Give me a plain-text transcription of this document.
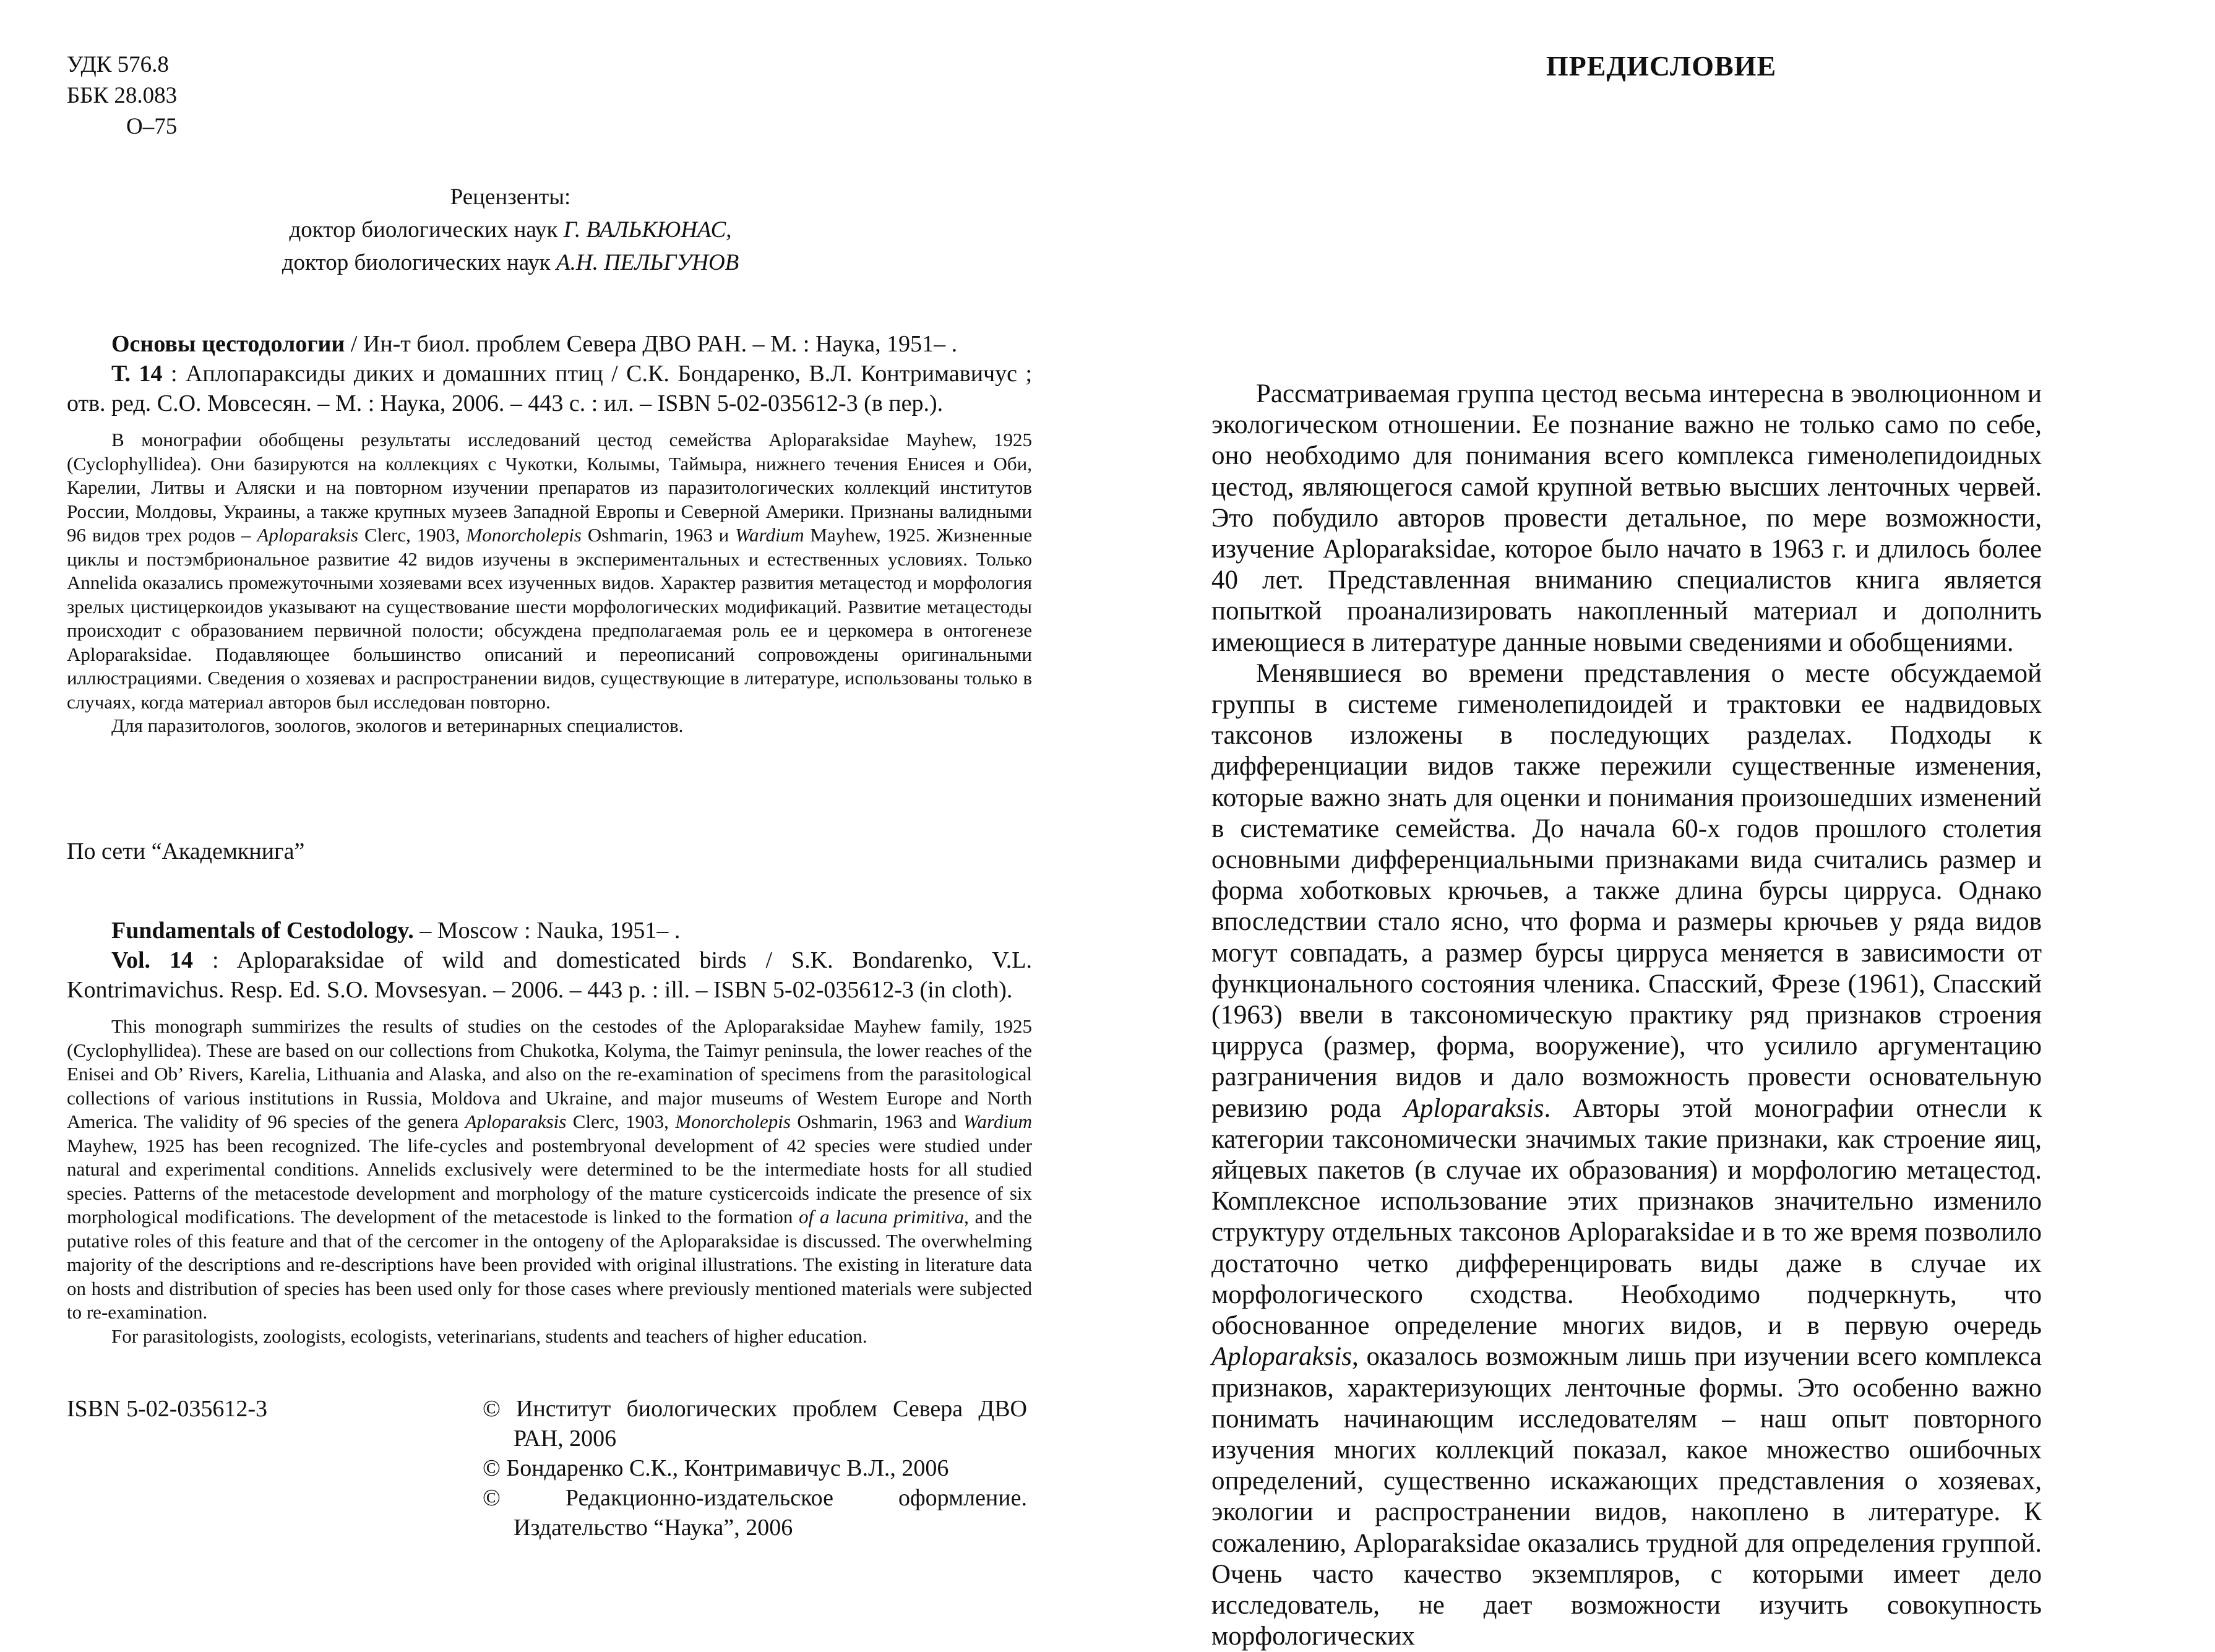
УДК 576.8
ББК 28.083
О–75
Рецензенты:
доктор биологических наук Г. ВАЛЬКЮНАС,
доктор биологических наук А.Н. ПЕЛЬГУНОВ

Основы цестодологии / Ин-т биол. проблем Севера ДВО РАН. – М. : Наука, 1951– .

Т. 14 : Аплопараксиды диких и домашних птиц / С.К. Бондаренко, В.Л. Контримавичус ; отв. ред. С.О. Мовсесян. – М. : Наука, 2006. – 443 с. : ил. – ISBN 5-02-035612-3 (в пер.).

В монографии обобщены результаты исследований цестод семейства Aploparaksidae Mayhew, 1925 (Cyclophyllidea). Они базируются на коллекциях с Чукотки, Колымы, Таймыра, нижнего течения Енисея и Оби, Карелии, Литвы и Аляски и на повторном изучении препаратов из паразитологических коллекций институтов России, Молдовы, Украины, а также крупных музеев Западной Европы и Северной Америки. Признаны валидными 96 видов трех родов – Aploparaksis Clerc, 1903, Monorcholepis Oshmarin, 1963 и Wardium Mayhew, 1925. Жизненные циклы и постэмбриональное развитие 42 видов изучены в экспериментальных и естественных условиях. Только Annelida оказались промежуточными хозяевами всех изученных видов. Характер развития метацестод и морфология зрелых цистицеркоидов указывают на существование шести морфологических модификаций. Развитие метацестоды происходит с образованием первичной полости; обсуждена предполагаемая роль ее и церкомера в онтогенезе Aploparaksidae. Подавляющее большинство описаний и переописаний сопровождены оригинальными иллюстрациями. Сведения о хозяевах и распространении видов, существующие в литературе, использованы только в случаях, когда материал авторов был исследован повторно.

Для паразитологов, зоологов, экологов и ветеринарных специалистов.

По сети “Академкнига”

Fundamentals of Cestodology. – Moscow : Nauka, 1951– .

Vol. 14 : Aploparaksidae of wild and domesticated birds / S.K. Bondarenko, V.L. Kontrimavichus. Resp. Ed. S.O. Movsesyan. – 2006. – 443 p. : ill. – ISBN 5-02-035612-3 (in cloth).

This monograph summirizes the results of studies on the cestodes of the Aploparaksidae Mayhew family, 1925 (Cyclophyllidea). These are based on our collections from Chukotka, Kolyma, the Taimyr peninsula, the lower reaches of the Enisei and Ob’ Rivers, Karelia, Lithuania and Alaska, and also on the re-examination of specimens from the parasitological collections of various institutions in Russia, Moldova and Ukraine, and major museums of Westem Europe and North America. The validity of 96 species of the genera Aploparaksis Clerc, 1903, Monorcholepis Oshmarin, 1963 and Wardium Mayhew, 1925 has been recognized. The life-cycles and postembryonal development of 42 species were studied under natural and experimental conditions. Annelids exclusively were determined to be the intermediate hosts for all studied species. Patterns of the metacestode development and morphology of the mature cysticercoids indicate the presence of six morphological modifications. The development of the metacestode is linked to the formation of a lacuna primitiva, and the putative roles of this feature and that of the cercomer in the ontogeny of the Aploparaksidae is discussed. The overwhelming majority of the descriptions and re-descriptions have been provided with original illustrations. The existing in literature data on hosts and distribution of species has been used only for those cases where previously mentioned materials were subjected to re-examination.

For parasitologists, zoologists, ecologists, veterinarians, students and teachers of higher education.

ISBN 5-02-035612-3	© Институт биологических проблем Севера ДВО РАН, 2006

© Бондаренко С.К., Контримавичус В.Л., 2006

© Редакционно-издательское оформление. Издательство “Наука”, 2006

ПРЕДИСЛОВИЕ

Рассматриваемая группа цестод весьма интересна в эволюционном и экологическом отношении. Ее познание важно не только само по себе, оно необходимо для понимания всего комплекса гименолепидоидных цестод, являющегося самой крупной ветвью высших ленточных червей. Это побудило авторов провести детальное, по мере возможности, изучение Aploparaksidae, которое было начато в 1963 г. и длилось более 40 лет. Представленная вниманию специалистов книга является попыткой проанализировать накопленный материал и дополнить имеющиеся в литературе данные новыми сведениями и обобщениями.

Менявшиеся во времени представления о месте обсуждаемой группы в системе гименолепидоидей и трактовки ее надвидовых таксонов изложены в последующих разделах. Подходы к дифференциации видов также пережили существенные изменения, которые важно знать для оценки и понимания произошедших изменений в систематике семейства. До начала 60-х годов прошлого столетия основными дифференциальными признаками вида считались размер и форма хоботковых крючьев, а также длина бурсы цирруса. Однако впоследствии стало ясно, что форма и размеры крючьев у ряда видов могут совпадать, а размер бурсы цирруса меняется в зависимости от функционального состояния членика. Спасский, Фрезе (1961), Спасский (1963) ввели в таксономическую практику ряд признаков строения цирруса (размер, форма, вооружение), что усилило аргументацию разграничения видов и дало возможность провести основательную ревизию рода Aploparaksis. Авторы этой монографии отнесли к категории таксономически значимых такие признаки, как строение яиц, яйцевых пакетов (в случае их образования) и морфологию метацестод. Комплексное использование этих признаков значительно изменило структуру отдельных таксонов Aploparaksidae и в то же время позволило достаточно четко дифференцировать виды даже в случае их морфологического сходства. Необходимо подчеркнуть, что обоснованное определение многих видов, и в первую очередь Aploparaksis, оказалось возможным лишь при изучении всего комплекса признаков, характеризующих ленточные формы. Это особенно важно понимать начинающим исследователям – наш опыт повторного изучения многих коллекций показал, какое множество ошибочных определений, существенно искажающих представления о хозяевах, экологии и распространении видов, накоплено в литературе. К сожалению, Aploparaksidae оказались трудной для определения группой. Очень часто качество экземпляров, с которыми имеет дело исследователь, не дает возможности изучить совокупность морфологических
